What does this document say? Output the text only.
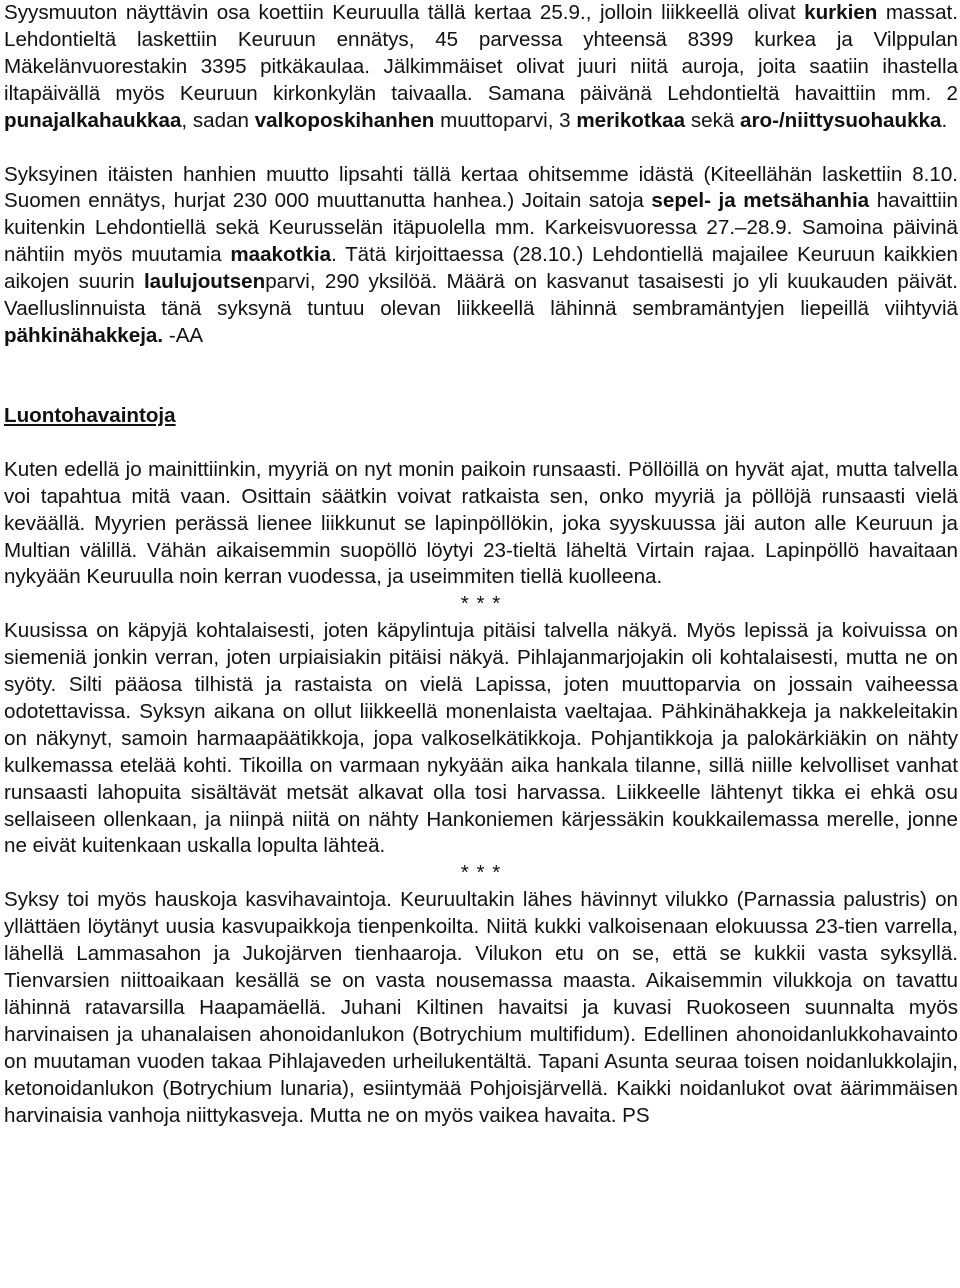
Syysmuuton näyttävin osa koettiin Keuruulla tällä kertaa 25.9., jolloin liikkeellä olivat kurkien massat. Lehdontieltä laskettiin Keuruun ennätys, 45 parvessa yhteensä 8399 kurkea ja Vilppulan Mäkelänvuorestakin 3395 pitkäkaulaa. Jälkimmäiset olivat juuri niitä auroja, joita saatiin ihastella iltapäivällä myös Keuruun kirkonkylän taivaalla. Samana päivänä Lehdontieltä havaittiin mm. 2 punajalkahaukkaa, sadan valkoposkihanhen muuttoparvi, 3 merikotkaa sekä aro-/niittysuohaukka.

Syksyinen itäisten hanhien muutto lipsahti tällä kertaa ohitsemme idästä (Kiteellähän laskettiin 8.10. Suomen ennätys, hurjat 230 000 muuttanutta hanhea.) Joitain satoja sepel- ja metsähanhia havaittiin kuitenkin Lehdontiellä sekä Keurusselän itäpuolella mm. Karkeisvuoressa 27.–28.9. Samoina päivinä nähtiin myös muutamia maakotkia. Tätä kirjoittaessa (28.10.) Lehdontiellä majailee Keuruun kaikkien aikojen suurin laulujoutsenparvi, 290 yksilöä. Määrä on kasvanut tasaisesti jo yli kuukauden päivät. Vaelluslinnuista tänä syksynä tuntuu olevan liikkeellä lähinnä sembramäntyjen liepeillä viihtyviä pähkinähakkeja. -AA

Luontohavaintoja

Kuten edellä jo mainittiinkin, myyriä on nyt monin paikoin runsaasti. Pöllöillä on hyvät ajat, mutta talvella voi tapahtua mitä vaan. Osittain säätkin voivat ratkaista sen, onko myyriä ja pöllöjä runsaasti vielä keväällä. Myyrien perässä lienee liikkunut se lapinpöllökin, joka syyskuussa jäi auton alle Keuruun ja Multian välillä. Vähän aikaisemmin suopöllö löytyi 23-tieltä läheltä Virtain rajaa. Lapinpöllö havaitaan nykyään Keuruulla noin kerran vuodessa, ja useimmiten tiellä kuolleena.

* * *

Kuusissa on käpyjä kohtalaisesti, joten käpylintuja pitäisi talvella näkyä. Myös lepissä ja koivuissa on siemeniä jonkin verran, joten urpiaisiakin pitäisi näkyä. Pihlajanmarjojakin oli kohtalaisesti, mutta ne on syöty. Silti pääosa tilhistä ja rastaista on vielä Lapissa, joten muuttoparvia on jossain vaiheessa odotettavissa. Syksyn aikana on ollut liikkeellä monenlaista vaeltajaa. Pähkinähakkeja ja nakkeleitakin on näkynyt, samoin harmaapäätikkoja, jopa valkoselkätikkoja. Pohjantikkoja ja palokärkiäkin on nähty kulkemassa etelää kohti. Tikoilla on varmaan nykyään aika hankala tilanne, sillä niille kelvolliset vanhat runsaasti lahopuita sisältävät metsät alkavat olla tosi harvassa. Liikkeelle lähtenyt tikka ei ehkä osu sellaiseen ollenkaan, ja niinpä niitä on nähty Hankoniemen kärjessäkin koukkailemassa merelle, jonne ne eivät kuitenkaan uskalla lopulta lähteä.

* * *

Syksy toi myös hauskoja kasvihavaintoja. Keuruultakin lähes hävinnyt vilukko (Parnassia palustris) on yllättäen löytänyt uusia kasvupaikkoja tienpenkoilta. Niitä kukki valkoisenaan elokuussa 23-tien varrella, lähellä Lammasahon ja Jukojärven tienhaaroja. Vilukon etu on se, että se kukkii vasta syksyllä. Tienvarsien niittoaikaan kesällä se on vasta nousemassa maasta. Aikaisemmin vilukkoja on tavattu lähinnä ratavarsilla Haapamäellä. Juhani Kiltinen havaitsi ja kuvasi Ruokoseen suunnalta myös harvinaisen ja uhanalaisen ahonoidanlukon (Botrychium multifidum). Edellinen ahonoidanlukkohavainto on muutaman vuoden takaa Pihlajaveden urheilukentältä. Tapani Asunta seuraa toisen noidanlukkolajin, ketonoidanlukon (Botrychium lunaria), esiintymää Pohjoisjärvellä. Kaikki noidanlukot ovat äärimmäisen harvinaisia vanhoja niittykasveja. Mutta ne on myös vaikea havaita. PS
